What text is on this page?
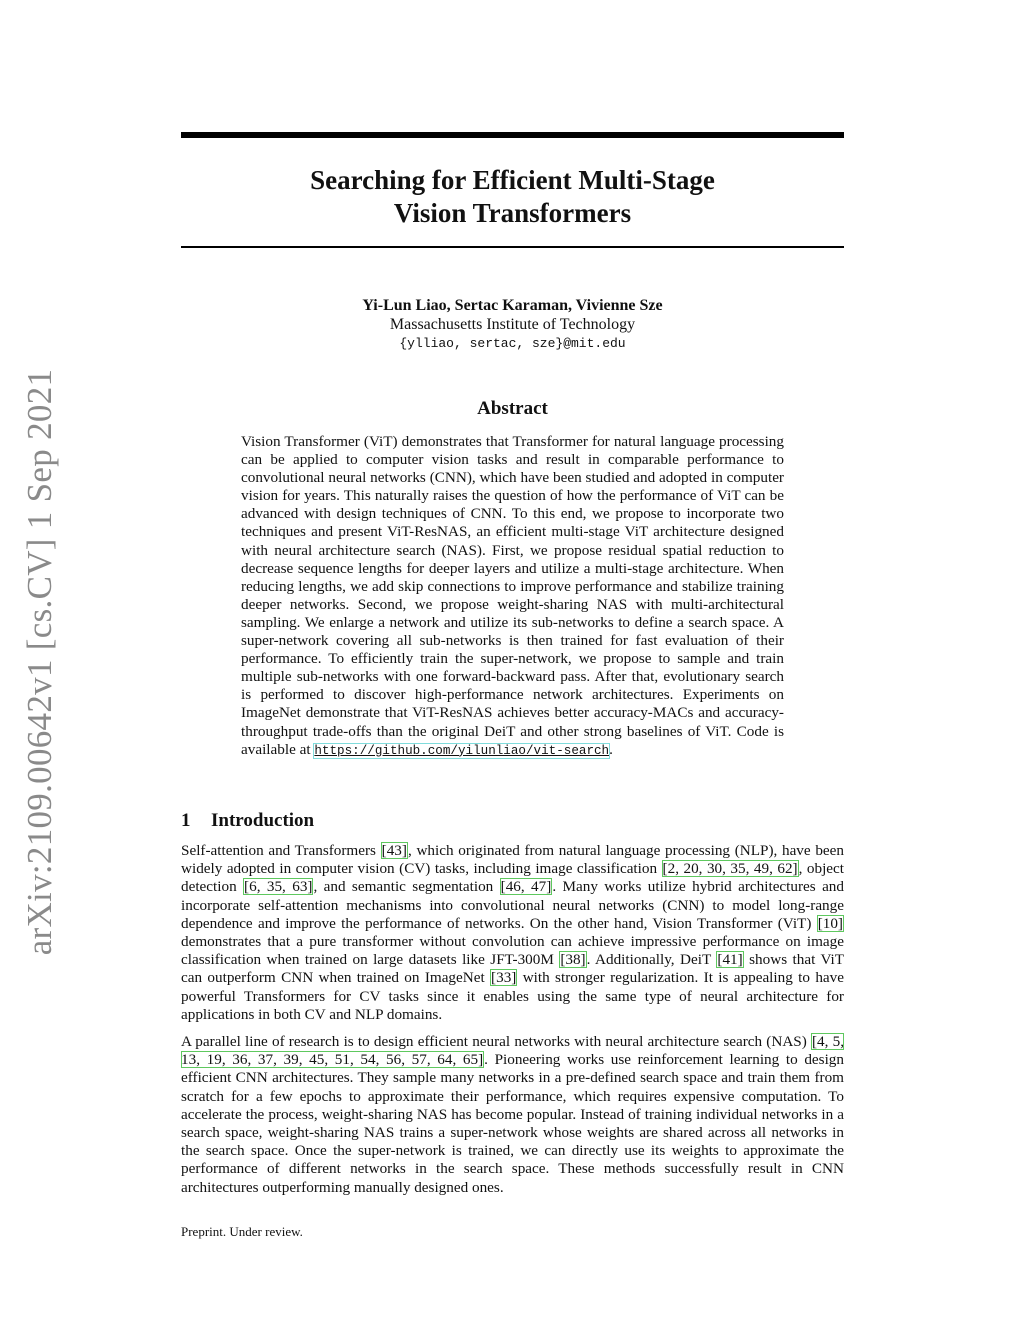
arXiv:2109.00642v1 [cs.CV] 1 Sep 2021
Searching for Efficient Multi-Stage
Vision Transformers
Yi-Lun Liao, Sertac Karaman, Vivienne Sze
Massachusetts Institute of Technology
{ylliao, sertac, sze}@mit.edu
Abstract

Vision Transformer (ViT) demonstrates that Transformer for natural language processing can be applied to computer vision tasks and result in comparable performance to convolutional neural networks (CNN), which have been studied and adopted in computer vision for years. This naturally raises the question of how the performance of ViT can be advanced with design techniques of CNN. To this end, we propose to incorporate two techniques and present ViT-ResNAS, an efficient multi-stage ViT architecture designed with neural architecture search (NAS). First, we propose residual spatial reduction to decrease sequence lengths for deeper layers and utilize a multi-stage architecture. When reducing lengths, we add skip connections to improve performance and stabilize training deeper networks. Second, we propose weight-sharing NAS with multi-architectural sampling. We enlarge a network and utilize its sub-networks to define a search space. A super-network covering all sub-networks is then trained for fast evaluation of their performance. To efficiently train the super-network, we propose to sample and train multiple sub-networks with one forward-backward pass. After that, evolutionary search is performed to discover high-performance network architectures. Experiments on ImageNet demonstrate that ViT-ResNAS achieves better accuracy-MACs and accuracy-throughput trade-offs than the original DeiT and other strong baselines of ViT. Code is available at https://github.com/yilunliao/vit-search.

1 Introduction

Self-attention and Transformers [43], which originated from natural language processing (NLP), have been widely adopted in computer vision (CV) tasks, including image classification [2, 20, 30, 35, 49, 62], object detection [6, 35, 63], and semantic segmentation [46, 47]. Many works utilize hybrid architectures and incorporate self-attention mechanisms into convolutional neural networks (CNN) to model long-range dependence and improve the performance of networks. On the other hand, Vision Transformer (ViT) [10] demonstrates that a pure transformer without convolution can achieve impressive performance on image classification when trained on large datasets like JFT-300M [38]. Additionally, DeiT [41] shows that ViT can outperform CNN when trained on ImageNet [33] with stronger regularization. It is appealing to have powerful Transformers for CV tasks since it enables using the same type of neural architecture for applications in both CV and NLP domains.

A parallel line of research is to design efficient neural networks with neural architecture search (NAS) [4, 5, 13, 19, 36, 37, 39, 45, 51, 54, 56, 57, 64, 65]. Pioneering works use reinforcement learning to design efficient CNN architectures. They sample many networks in a pre-defined search space and train them from scratch for a few epochs to approximate their performance, which requires expensive computation. To accelerate the process, weight-sharing NAS has become popular. Instead of training individual networks in a search space, weight-sharing NAS trains a super-network whose weights are shared across all networks in the search space. Once the super-network is trained, we can directly use its weights to approximate the performance of different networks in the search space. These methods successfully result in CNN architectures outperforming manually designed ones.

Preprint. Under review.
